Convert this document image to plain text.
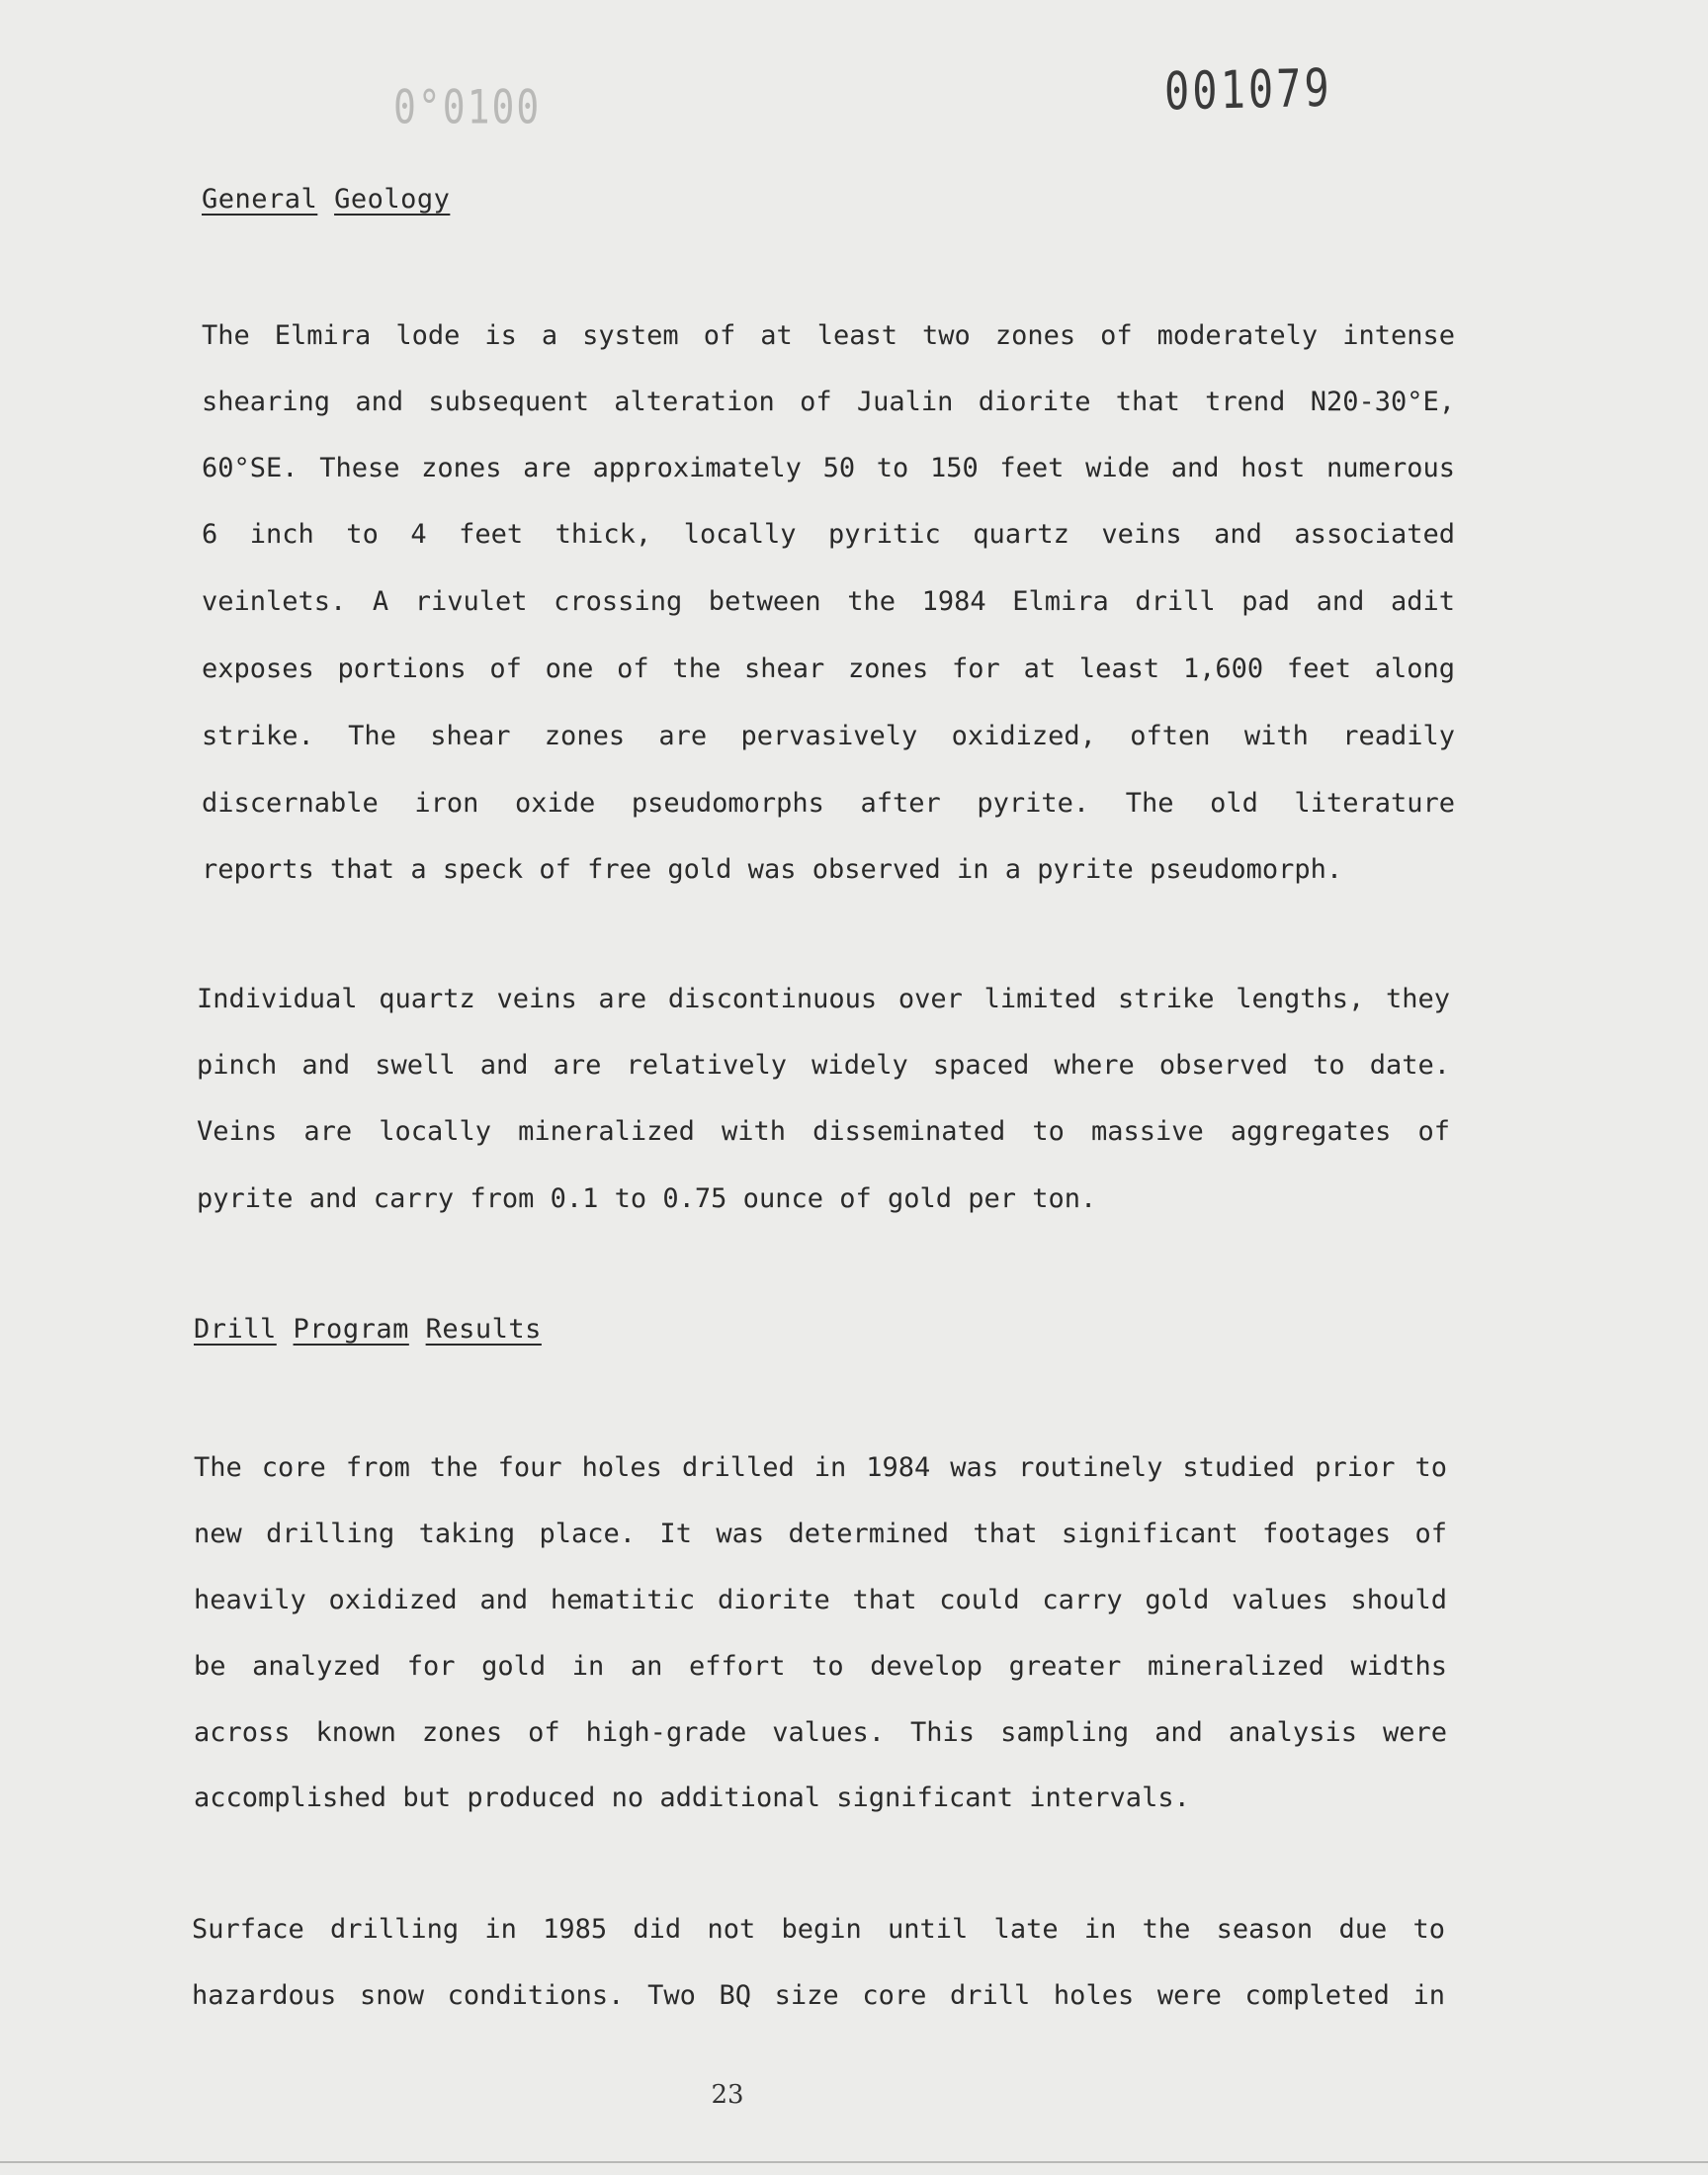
0°0100	001079
General Geology
The Elmira lode is a system of at least two zones of moderately intense
shearing and subsequent alteration of Jualin diorite that trend N20-30°E,
60°SE. These zones are approximately 50 to 150 feet wide and host numerous
6 inch to 4 feet thick, locally pyritic quartz veins and associated
veinlets. A rivulet crossing between the 1984 Elmira drill pad and adit
exposes portions of one of the shear zones for at least 1,600 feet along
strike. The shear zones are pervasively oxidized, often with readily
discernable iron oxide pseudomorphs after pyrite. The old literature
reports that a speck of free gold was observed in a pyrite pseudomorph.
Individual quartz veins are discontinuous over limited strike lengths, they
pinch and swell and are relatively widely spaced where observed to date.
Veins are locally mineralized with disseminated to massive aggregates of
pyrite and carry from 0.1 to 0.75 ounce of gold per ton.
Drill Program Results
The core from the four holes drilled in 1984 was routinely studied prior to
new drilling taking place. It was determined that significant footages of
heavily oxidized and hematitic diorite that could carry gold values should
be analyzed for gold in an effort to develop greater mineralized widths
across known zones of high-grade values. This sampling and analysis were
accomplished but produced no additional significant intervals.
Surface drilling in 1985 did not begin until late in the season due to
hazardous snow conditions. Two BQ size core drill holes were completed in
23
